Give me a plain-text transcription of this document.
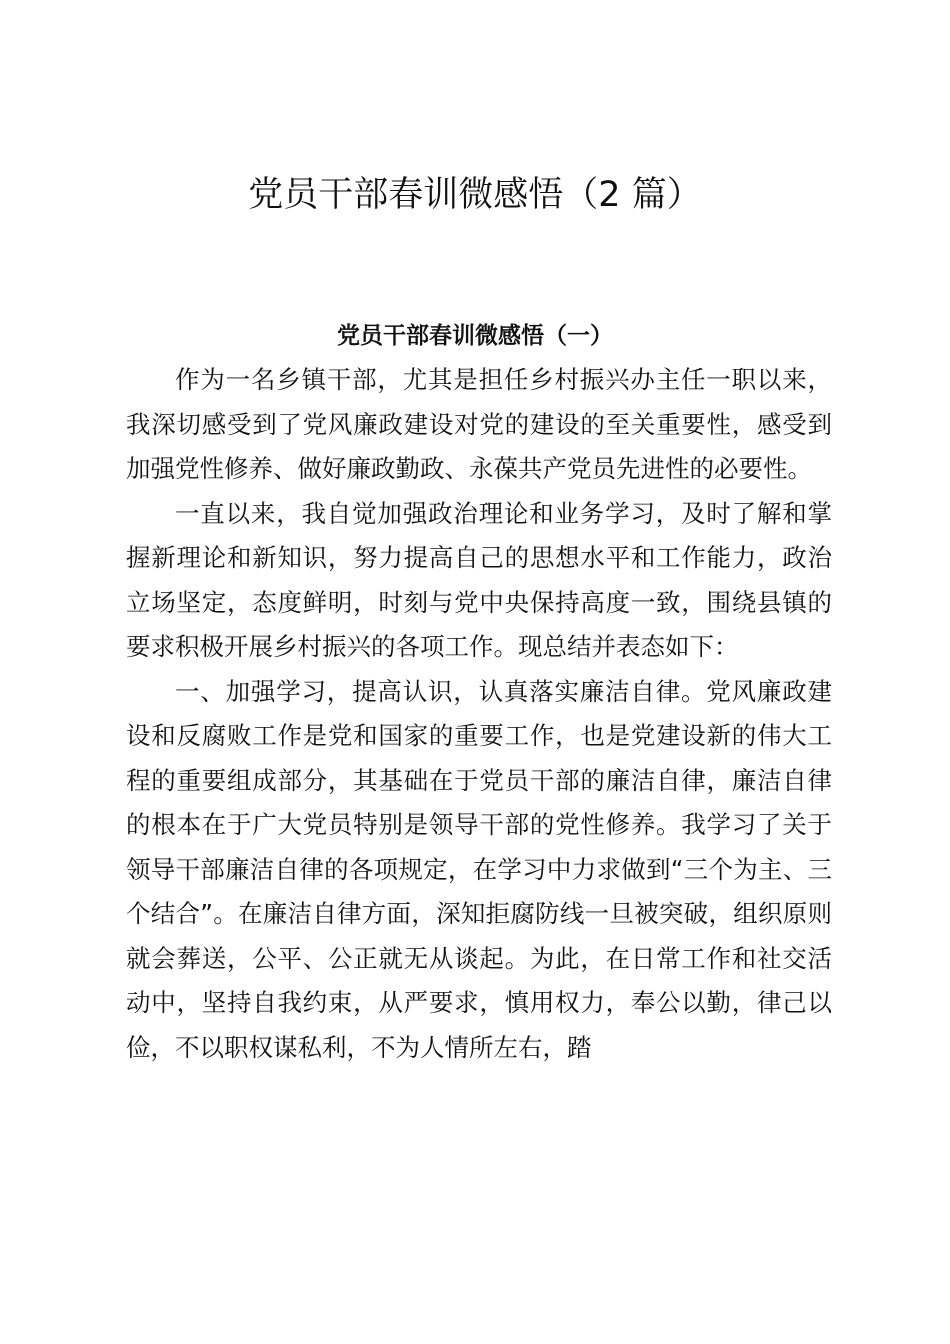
党员干部春训微感悟（2 篇）
党员干部春训微感悟（一）

作为一名乡镇干部，尤其是担任乡村振兴办主任一职以来，我深切感受到了党风廉政建设对党的建设的至关重要性，感受到加强党性修养、做好廉政勤政、永葆共产党员先进性的必要性。

一直以来，我自觉加强政治理论和业务学习，及时了解和掌握新理论和新知识，努力提高自己的思想水平和工作能力，政治立场坚定，态度鲜明，时刻与党中央保持高度一致，围绕县镇的要求积极开展乡村振兴的各项工作。现总结并表态如下：

一、加强学习，提高认识，认真落实廉洁自律。党风廉政建设和反腐败工作是党和国家的重要工作，也是党建设新的伟大工程的重要组成部分，其基础在于党员干部的廉洁自律，廉洁自律的根本在于广大党员特别是领导干部的党性修养。我学习了关于领导干部廉洁自律的各项规定，在学习中力求做到“三个为主、三个结合”。在廉洁自律方面，深知拒腐防线一旦被突破，组织原则就会葬送，公平、公正就无从谈起。为此，在日常工作和社交活动中，坚持自我约束，从严要求，慎用权力，奉公以勤，律己以俭，不以职权谋私利，不为人情所左右，踏
